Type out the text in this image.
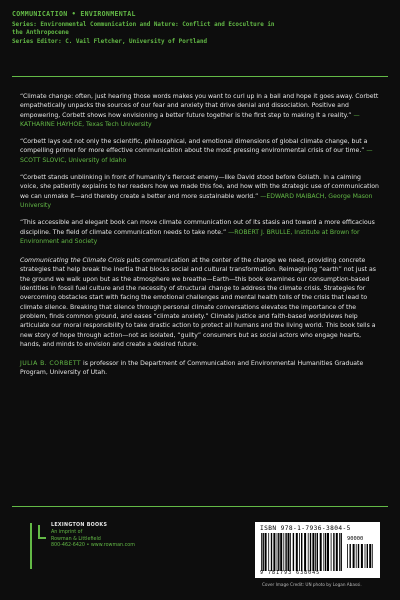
COMMUNICATION • ENVIRONMENTAL
Series: Environmental Communication and Nature: Conflict and Ecoculture in
the Anthropocene
Series Editor: C. Vail Fletcher, University of Portland
“Climate change: often, just hearing those words makes you want to curl up in a ball and hope it goes away. Corbett empathetically unpacks the sources of our fear and anxiety that drive denial and dissociation. Positive and empowering, Corbett shows how envisioning a better future together is the first step to making it a reality.” —KATHARINE HAYHOE, Texas Tech University
“Corbett lays out not only the scientific, philosophical, and emotional dimensions of global climate change, but a compelling primer for more effective communication about the most pressing environmental crisis of our time.” —SCOTT SLOVIC, University of Idaho
“Corbett stands unblinking in front of humanity’s fiercest enemy—like David stood before Goliath. In a calming voice, she patiently explains to her readers how we made this foe, and how with the strategic use of communication we can unmake it—and thereby create a better and more sustainable world.” —EDWARD MAIBACH, George Mason University
“This accessible and elegant book can move climate communication out of its stasis and toward a more efficacious discipline. The field of climate communication needs to take note.” —ROBERT J. BRULLE, Institute at Brown for Environment and Society
Communicating the Climate Crisis puts communication at the center of the change we need, providing concrete strategies that help break the inertia that blocks social and cultural transformation. Reimagining “earth” not just as the ground we walk upon but as the atmosphere we breathe—Earth—this book examines our consumption-based identities in fossil fuel culture and the necessity of structural change to address the climate crisis. Strategies for overcoming obstacles start with facing the emotional challenges and mental health tolls of the crisis that lead to climate silence. Breaking that silence through personal climate conversations elevates the importance of the problem, finds common ground, and eases “climate anxiety.” Climate justice and faith-based worldviews help articulate our moral responsibility to take drastic action to protect all humans and the living world. This book tells a new story of hope through action—not as isolated, “guilty” consumers but as social actors who engage hearts, hands, and minds to envision and create a desired future.
JULIA B. CORBETT is professor in the Department of Communication and Environmental Humanities Graduate Program, University of Utah.
LEXINGTON BOOKS
An imprint of
Rowman & Littlefield
800-462-6420 • www.rowman.com
ISBN 978-1-7936-3804-5
90000
9 781793 638045
Cover Image Credit: UN photo by Logan Abassi.
